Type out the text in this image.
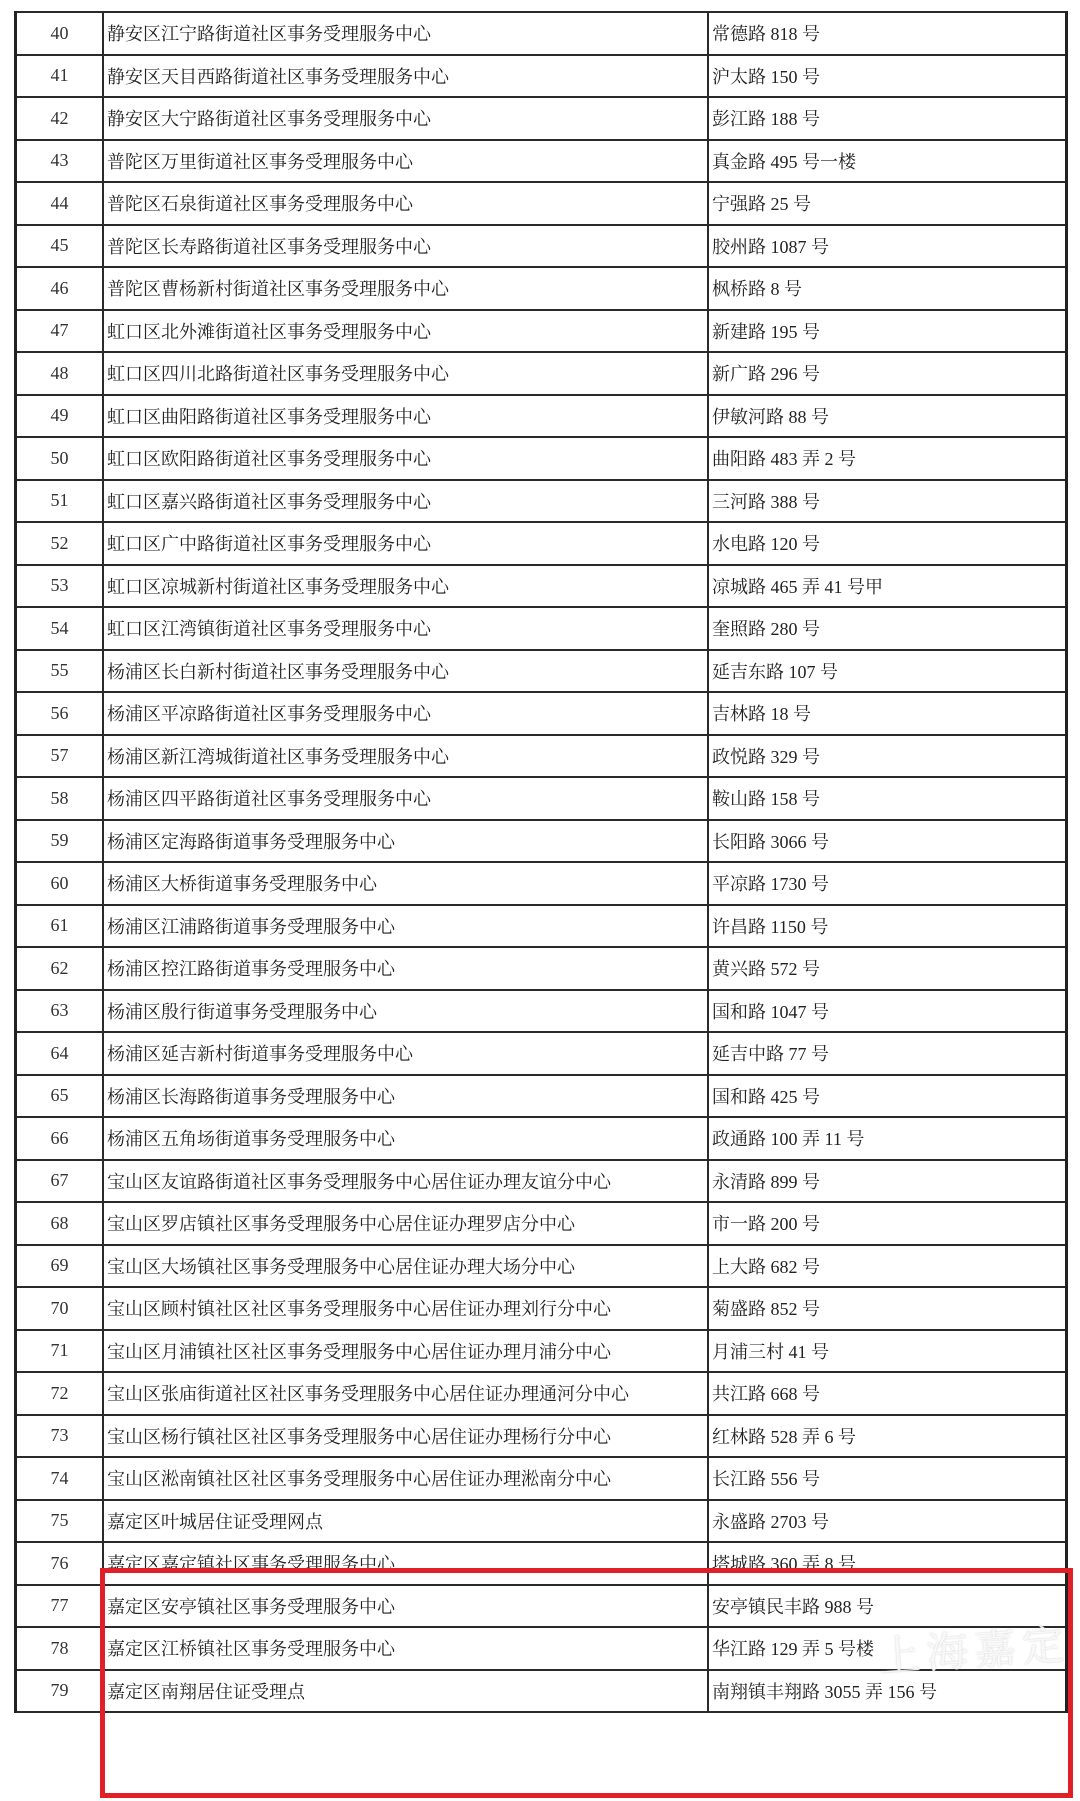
40	静安区江宁路街道社区事务受理服务中心	常德路 818 号
41	静安区天目西路街道社区事务受理服务中心	沪太路 150 号
42	静安区大宁路街道社区事务受理服务中心	彭江路 188 号
43	普陀区万里街道社区事务受理服务中心	真金路 495 号一楼
44	普陀区石泉街道社区事务受理服务中心	宁强路 25 号
45	普陀区长寿路街道社区事务受理服务中心	胶州路 1087 号
46	普陀区曹杨新村街道社区事务受理服务中心	枫桥路 8 号
47	虹口区北外滩街道社区事务受理服务中心	新建路 195 号
48	虹口区四川北路街道社区事务受理服务中心	新广路 296 号
49	虹口区曲阳路街道社区事务受理服务中心	伊敏河路 88 号
50	虹口区欧阳路街道社区事务受理服务中心	曲阳路 483 弄 2 号
51	虹口区嘉兴路街道社区事务受理服务中心	三河路 388 号
52	虹口区广中路街道社区事务受理服务中心	水电路 120 号
53	虹口区凉城新村街道社区事务受理服务中心	凉城路 465 弄 41 号甲
54	虹口区江湾镇街道社区事务受理服务中心	奎照路 280 号
55	杨浦区长白新村街道社区事务受理服务中心	延吉东路 107 号
56	杨浦区平凉路街道社区事务受理服务中心	吉林路 18 号
57	杨浦区新江湾城街道社区事务受理服务中心	政悦路 329 号
58	杨浦区四平路街道社区事务受理服务中心	鞍山路 158 号
59	杨浦区定海路街道事务受理服务中心	长阳路 3066 号
60	杨浦区大桥街道事务受理服务中心	平凉路 1730 号
61	杨浦区江浦路街道事务受理服务中心	许昌路 1150 号
62	杨浦区控江路街道事务受理服务中心	黄兴路 572 号
63	杨浦区殷行街道事务受理服务中心	国和路 1047 号
64	杨浦区延吉新村街道事务受理服务中心	延吉中路 77 号
65	杨浦区长海路街道事务受理服务中心	国和路 425 号
66	杨浦区五角场街道事务受理服务中心	政通路 100 弄 11 号
67	宝山区友谊路街道社区事务受理服务中心居住证办理友谊分中心	永清路 899 号
68	宝山区罗店镇社区事务受理服务中心居住证办理罗店分中心	市一路 200 号
69	宝山区大场镇社区事务受理服务中心居住证办理大场分中心	上大路 682 号
70	宝山区顾村镇社区社区事务受理服务中心居住证办理刘行分中心	菊盛路 852 号
71	宝山区月浦镇社区社区事务受理服务中心居住证办理月浦分中心	月浦三村 41 号
72	宝山区张庙街道社区社区事务受理服务中心居住证办理通河分中心	共江路 668 号
73	宝山区杨行镇社区社区事务受理服务中心居住证办理杨行分中心	红林路 528 弄 6 号
74	宝山区淞南镇社区社区事务受理服务中心居住证办理淞南分中心	长江路 556 号
75	嘉定区叶城居住证受理网点	永盛路 2703 号
76	嘉定区嘉定镇社区事务受理服务中心	塔城路 360 弄 8 号
77	嘉定区安亭镇社区事务受理服务中心	安亭镇民丰路 988 号
78	嘉定区江桥镇社区事务受理服务中心	华江路 129 弄 5 号楼
79	嘉定区南翔居住证受理点	南翔镇丰翔路 3055 弄 156 号
上海嘉定
